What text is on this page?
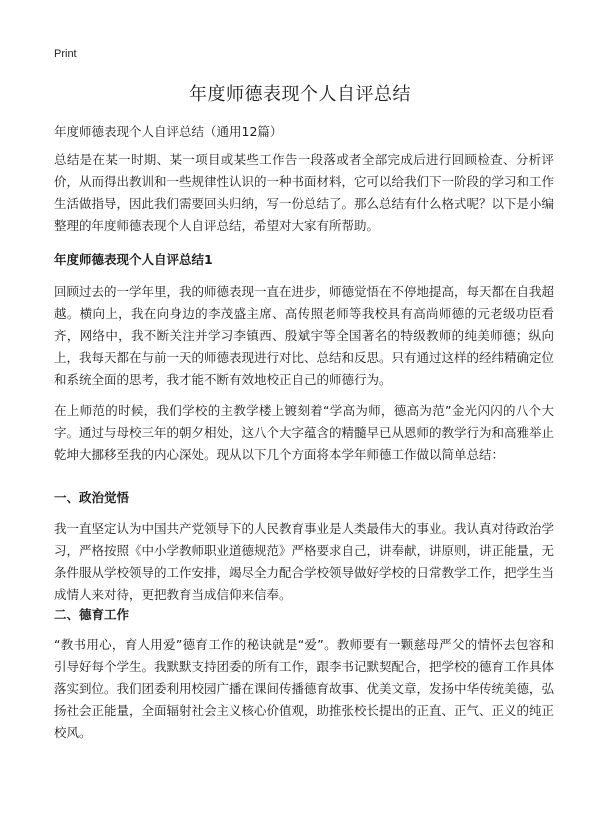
Print
年度师德表现个人自评总结

年度师德表现个人自评总结（通用12篇）

总结是在某一时期、某一项目或某些工作告一段落或者全部完成后进行回顾检查、分析评价，从而得出教训和一些规律性认识的一种书面材料，它可以给我们下一阶段的学习和工作生活做指导，因此我们需要回头归纳，写一份总结了。那么总结有什么格式呢？以下是小编整理的年度师德表现个人自评总结，希望对大家有所帮助。

年度师德表现个人自评总结1

回顾过去的一学年里，我的师德表现一直在进步，师德觉悟在不停地提高，每天都在自我超越。横向上，我在向身边的李茂盛主席、高传照老师等我校具有高尚师德的元老级功臣看齐，网络中，我不断关注并学习李镇西、殷斌宇等全国著名的特级教师的纯美师德；纵向上，我每天都在与前一天的师德表现进行对比、总结和反思。只有通过这样的经纬精确定位和系统全面的思考，我才能不断有效地校正自己的师德行为。

在上师范的时候，我们学校的主教学楼上镀刻着“学高为师，德高为范”金光闪闪的八个大字。通过与母校三年的朝夕相处，这八个大字蕴含的精髓早已从恩师的教学行为和高雅举止乾坤大挪移至我的内心深处。现从以下几个方面将本学年师德工作做以简单总结：

一、政治觉悟

我一直坚定认为中国共产党领导下的人民教育事业是人类最伟大的事业。我认真对待政治学习，严格按照《中小学教师职业道德规范》严格要求自己，讲奉献，讲原则，讲正能量，无条件服从学校领导的工作安排，竭尽全力配合学校领导做好学校的日常教学工作，把学生当成情人来对待，更把教育当成信仰来信奉。

二、德育工作

“教书用心，育人用爱”德育工作的秘诀就是“爱”。教师要有一颗慈母严父的情怀去包容和引导好每个学生。我默默支持团委的所有工作，跟李书记默契配合，把学校的德育工作具体落实到位。我们团委利用校园广播在课间传播德育故事、优美文章，发扬中华传统美德，弘扬社会正能量，全面辐射社会主义核心价值观，助推张校长提出的正直、正气、正义的纯正校风。
